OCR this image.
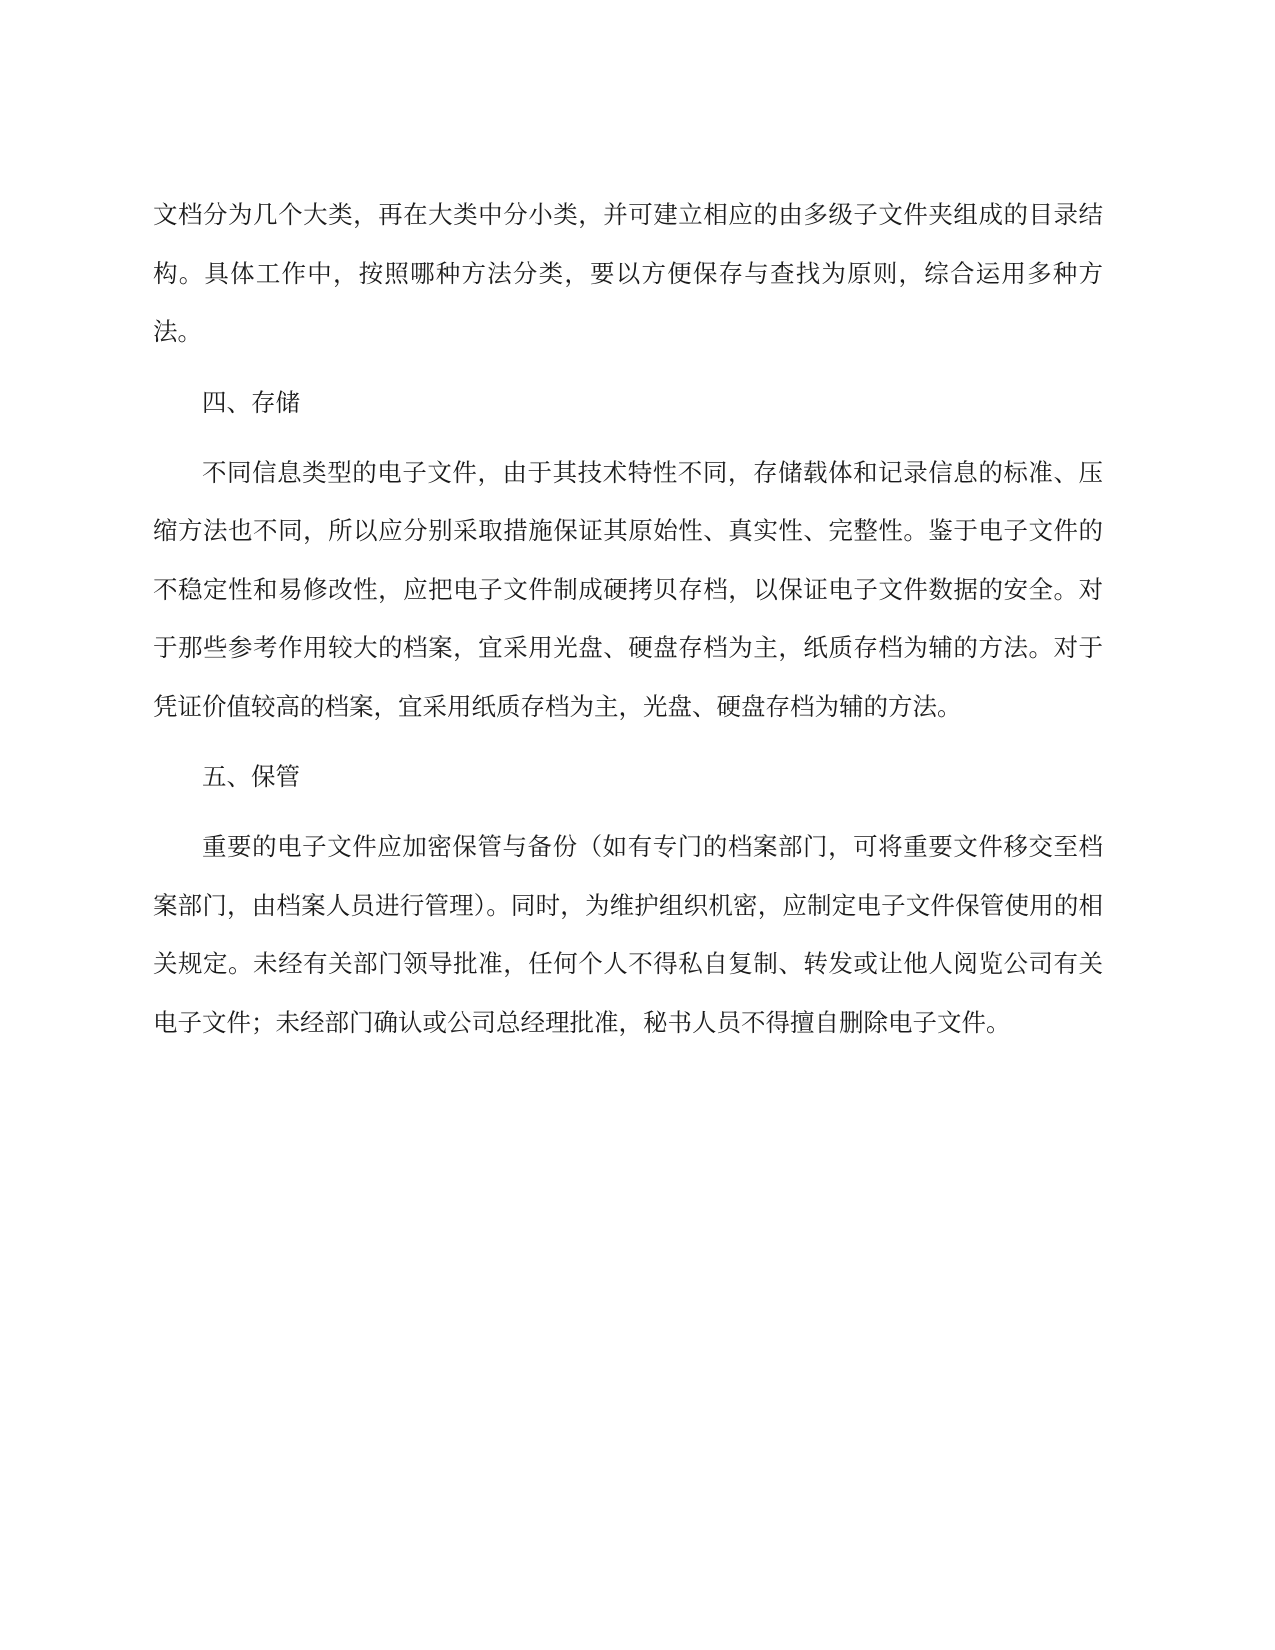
文档分为几个大类，再在大类中分小类，并可建立相应的由多级子文件夹组成的目录结构。具体工作中，按照哪种方法分类，要以方便保存与查找为原则，综合运用多种方法。

四、存储

不同信息类型的电子文件，由于其技术特性不同，存储载体和记录信息的标准、压缩方法也不同，所以应分别采取措施保证其原始性、真实性、完整性。鉴于电子文件的不稳定性和易修改性，应把电子文件制成硬拷贝存档，以保证电子文件数据的安全。对于那些参考作用较大的档案，宜采用光盘、硬盘存档为主，纸质存档为辅的方法。对于凭证价值较高的档案，宜采用纸质存档为主，光盘、硬盘存档为辅的方法。

五、保管

重要的电子文件应加密保管与备份（如有专门的档案部门，可将重要文件移交至档案部门，由档案人员进行管理）。同时，为维护组织机密，应制定电子文件保管使用的相关规定。未经有关部门领导批准，任何个人不得私自复制、转发或让他人阅览公司有关电子文件；未经部门确认或公司总经理批准，秘书人员不得擅自删除电子文件。
